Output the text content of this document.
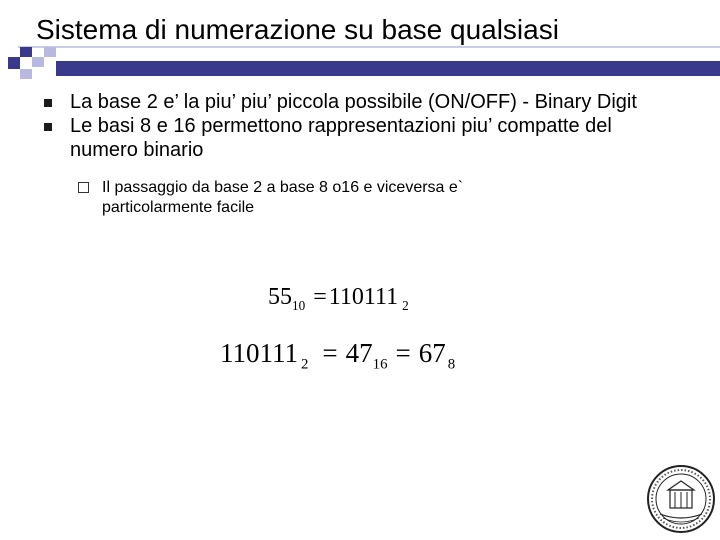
Sistema di numerazione su base qualsiasi
La base 2 e’ la piu’ piu’ piccola possibile (ON/OFF) - Binary Digit
Le basi 8 e 16 permettono rappresentazioni piu’ compatte del numero binario
Il passaggio da base 2 a base 8 o16 e viceversa e` particolarmente facile
$55_{10} =110111$ $_2$
110111 $_2 = 47_{16} = 67$ $_8$
